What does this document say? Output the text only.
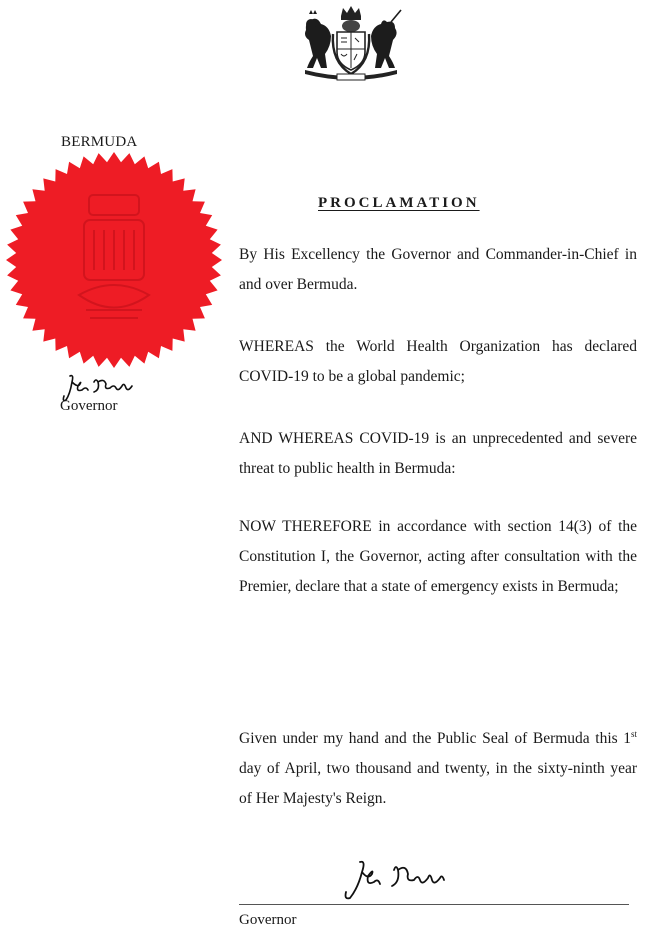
BERMUDA
Governor
PROCLAMATION

By His Excellency the Governor and Commander-in-Chief in and over Bermuda.

WHEREAS the World Health Organization has declared COVID-19 to be a global pandemic;

AND WHEREAS COVID-19 is an unprecedented and severe threat to public health in Bermuda:

NOW THEREFORE in accordance with section 14(3) of the Constitution I, the Governor, acting after consultation with the Premier, declare that a state of emergency exists in Bermuda;

Given under my hand and the Public Seal of Bermuda this 1st day of April, two thousand and twenty, in the sixty-ninth year of Her Majesty's Reign.

Governor
